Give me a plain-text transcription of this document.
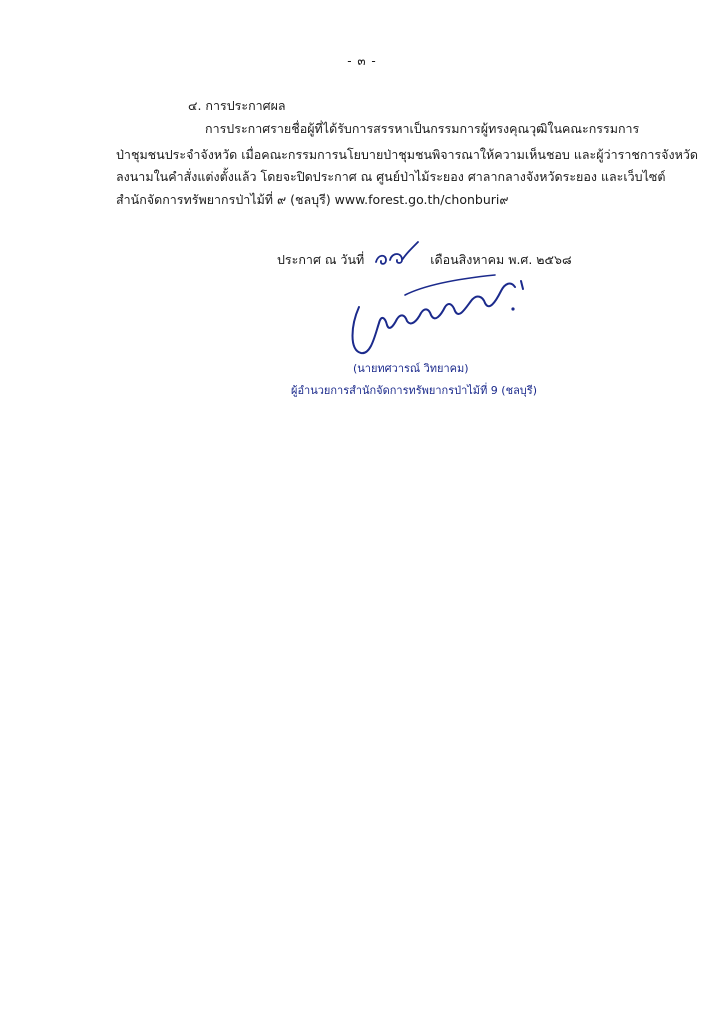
- ๓ -
๔. การประกาศผล
การประกาศรายชื่อผู้ที่ได้รับการสรรหาเป็นกรรมการผู้ทรงคุณวุฒิในคณะกรรมการ
ป่าชุมชนประจำจังหวัด เมื่อคณะกรรมการนโยบายป่าชุมชนพิจารณาให้ความเห็นชอบ และผู้ว่าราชการจังหวัด
ลงนามในคำสั่งแต่งตั้งแล้ว โดยจะปิดประกาศ ณ ศูนย์ป่าไม้ระยอง ศาลากลางจังหวัดระยอง และเว็บไซต์
สำนักจัดการทรัพยากรป่าไม้ที่ ๙ (ชลบุรี) www.forest.go.th/chonburi๙
ประกาศ ณ วันที่	เดือนสิงหาคม พ.ศ. ๒๕๖๘
(นายทศวารณ์ วิทยาคม)
ผู้อำนวยการสำนักจัดการทรัพยากรป่าไม้ที่ 9 (ชลบุรี)
